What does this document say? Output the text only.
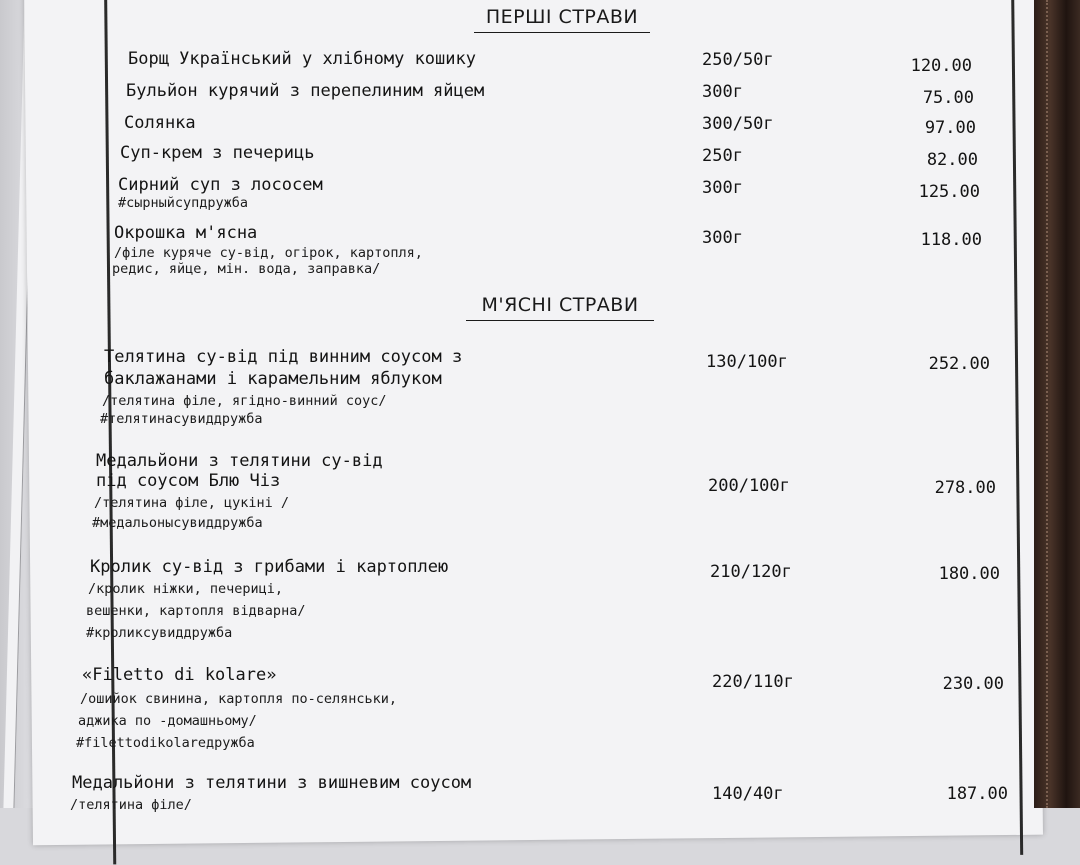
ПЕРШІ СТРАВИ
Борщ Український у хлібному кошику	250/50г	120.00
Бульйон курячий з перепелиним яйцем	300г	75.00
Солянка	300/50г	97.00
Суп-крем з печериць	250г	82.00
Сирний суп з лососем
#сырныйсупдружба
300г	125.00
Окрошка м'ясна
/філе куряче су-від, огірок, картопля,
редис, яйце, мін. вода, заправка/
300г	118.00
М'ЯСНІ СТРАВИ
Телятина су-від під винним соусом з
баклажанами і карамельним яблуком
/телятина філе, ягідно-винний соус/
#телятинасувиддружба
130/100г	252.00
Медальйони з телятини су-від
під соусом Блю Чіз
/телятина філе, цукіні /
#медальонысувиддружба
200/100г	278.00
Кролик су-від з грибами і картоплею
/кролик ніжки, печериці,
вешенки, картопля відварна/
#кроликсувиддружба
210/120г	180.00
«Filetto di kolare»
/ошийок свинина, картопля по-селянськи,
аджика по -домашньому/
#filettodikolareдружба
220/110г	230.00
Медальйони з телятини з вишневим соусом
/телятина філе/
140/40г	187.00
